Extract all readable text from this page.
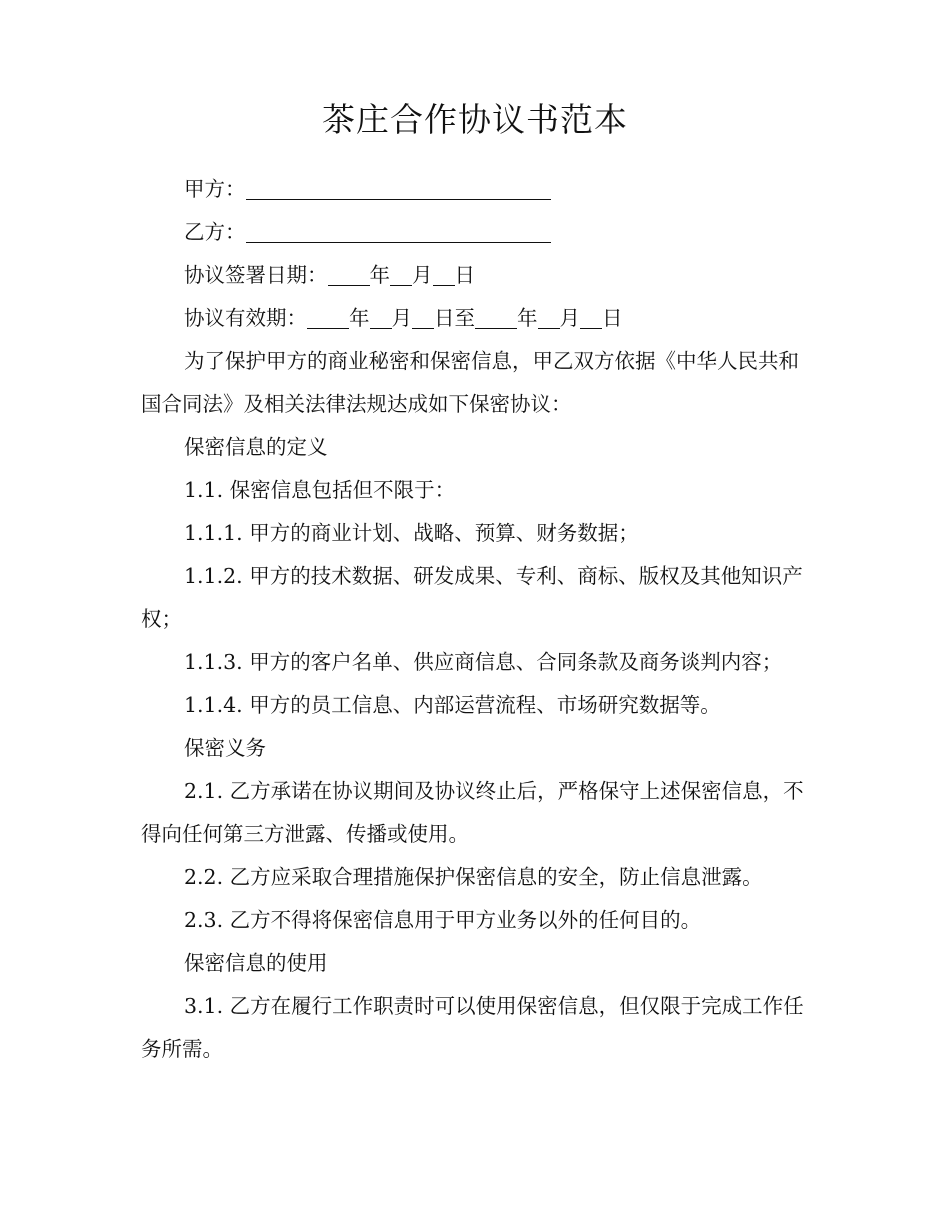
茶庄合作协议书范本
甲方：
乙方：
协议签署日期： 年 月 日
协议有效期： 年 月 日至 年 月 日
为了保护甲方的商业秘密和保密信息，甲乙双方依据《中华人民共和国合同法》及相关法律法规达成如下保密协议：
保密信息的定义
1.1. 保密信息包括但不限于：
1.1.1. 甲方的商业计划、战略、预算、财务数据；
1.1.2. 甲方的技术数据、研发成果、专利、商标、版权及其他知识产权；
1.1.3. 甲方的客户名单、供应商信息、合同条款及商务谈判内容；
1.1.4. 甲方的员工信息、内部运营流程、市场研究数据等。
保密义务
2.1. 乙方承诺在协议期间及协议终止后，严格保守上述保密信息，不得向任何第三方泄露、传播或使用。
2.2. 乙方应采取合理措施保护保密信息的安全，防止信息泄露。
2.3. 乙方不得将保密信息用于甲方业务以外的任何目的。
保密信息的使用
3.1. 乙方在履行工作职责时可以使用保密信息，但仅限于完成工作任务所需。
